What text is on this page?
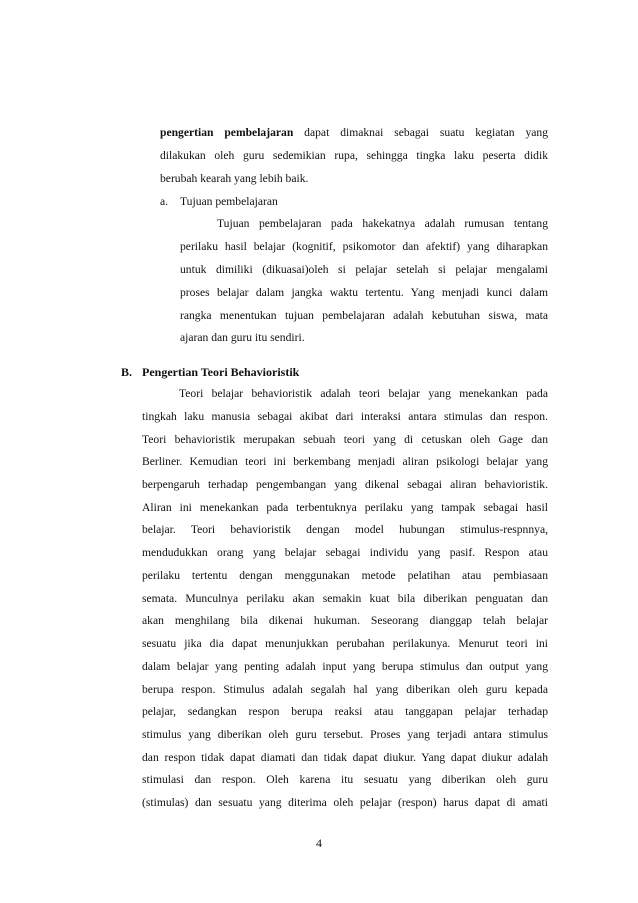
pengertian pembelajaran dapat dimaknai sebagai suatu kegiatan yang
dilakukan oleh guru sedemikian rupa, sehingga tingka laku peserta didik
berubah kearah yang lebih baik.
a. Tujuan pembelajaran
Tujuan pembelajaran pada hakekatnya adalah rumusan tentang
perilaku hasil belajar (kognitif, psikomotor dan afektif) yang diharapkan
untuk dimiliki (dikuasai)oleh si pelajar setelah si pelajar mengalami
proses belajar dalam jangka waktu tertentu. Yang menjadi kunci dalam
rangka menentukan tujuan pembelajaran adalah kebutuhan siswa, mata
ajaran dan guru itu sendiri.
B. Pengertian Teori Behavioristik
Teori belajar behavioristik adalah teori belajar yang menekankan pada
tingkah laku manusia sebagai akibat dari interaksi antara stimulas dan respon.
Teori behavioristik merupakan sebuah teori yang di cetuskan oleh Gage dan
Berliner. Kemudian teori ini berkembang menjadi aliran psikologi belajar yang
berpengaruh terhadap pengembangan yang dikenal sebagai aliran behavioristik.
Aliran ini menekankan pada terbentuknya perilaku yang tampak sebagai hasil
belajar. Teori behavioristik dengan model hubungan stimulus-respnnya,
mendudukkan orang yang belajar sebagai individu yang pasif. Respon atau
perilaku tertentu dengan menggunakan metode pelatihan atau pembiasaan
semata. Munculnya perilaku akan semakin kuat bila diberikan penguatan dan
akan menghilang bila dikenai hukuman. Seseorang dianggap telah belajar
sesuatu jika dia dapat menunjukkan perubahan perilakunya. Menurut teori ini
dalam belajar yang penting adalah input yang berupa stimulus dan output yang
berupa respon. Stimulus adalah segalah hal yang diberikan oleh guru kepada
pelajar, sedangkan respon berupa reaksi atau tanggapan pelajar terhadap
stimulus yang diberikan oleh guru tersebut. Proses yang terjadi antara stimulus
dan respon tidak dapat diamati dan tidak dapat diukur. Yang dapat diukur adalah
stimulasi dan respon. Oleh karena itu sesuatu yang diberikan oleh guru
(stimulas) dan sesuatu yang diterima oleh pelajar (respon) harus dapat di amati
4
